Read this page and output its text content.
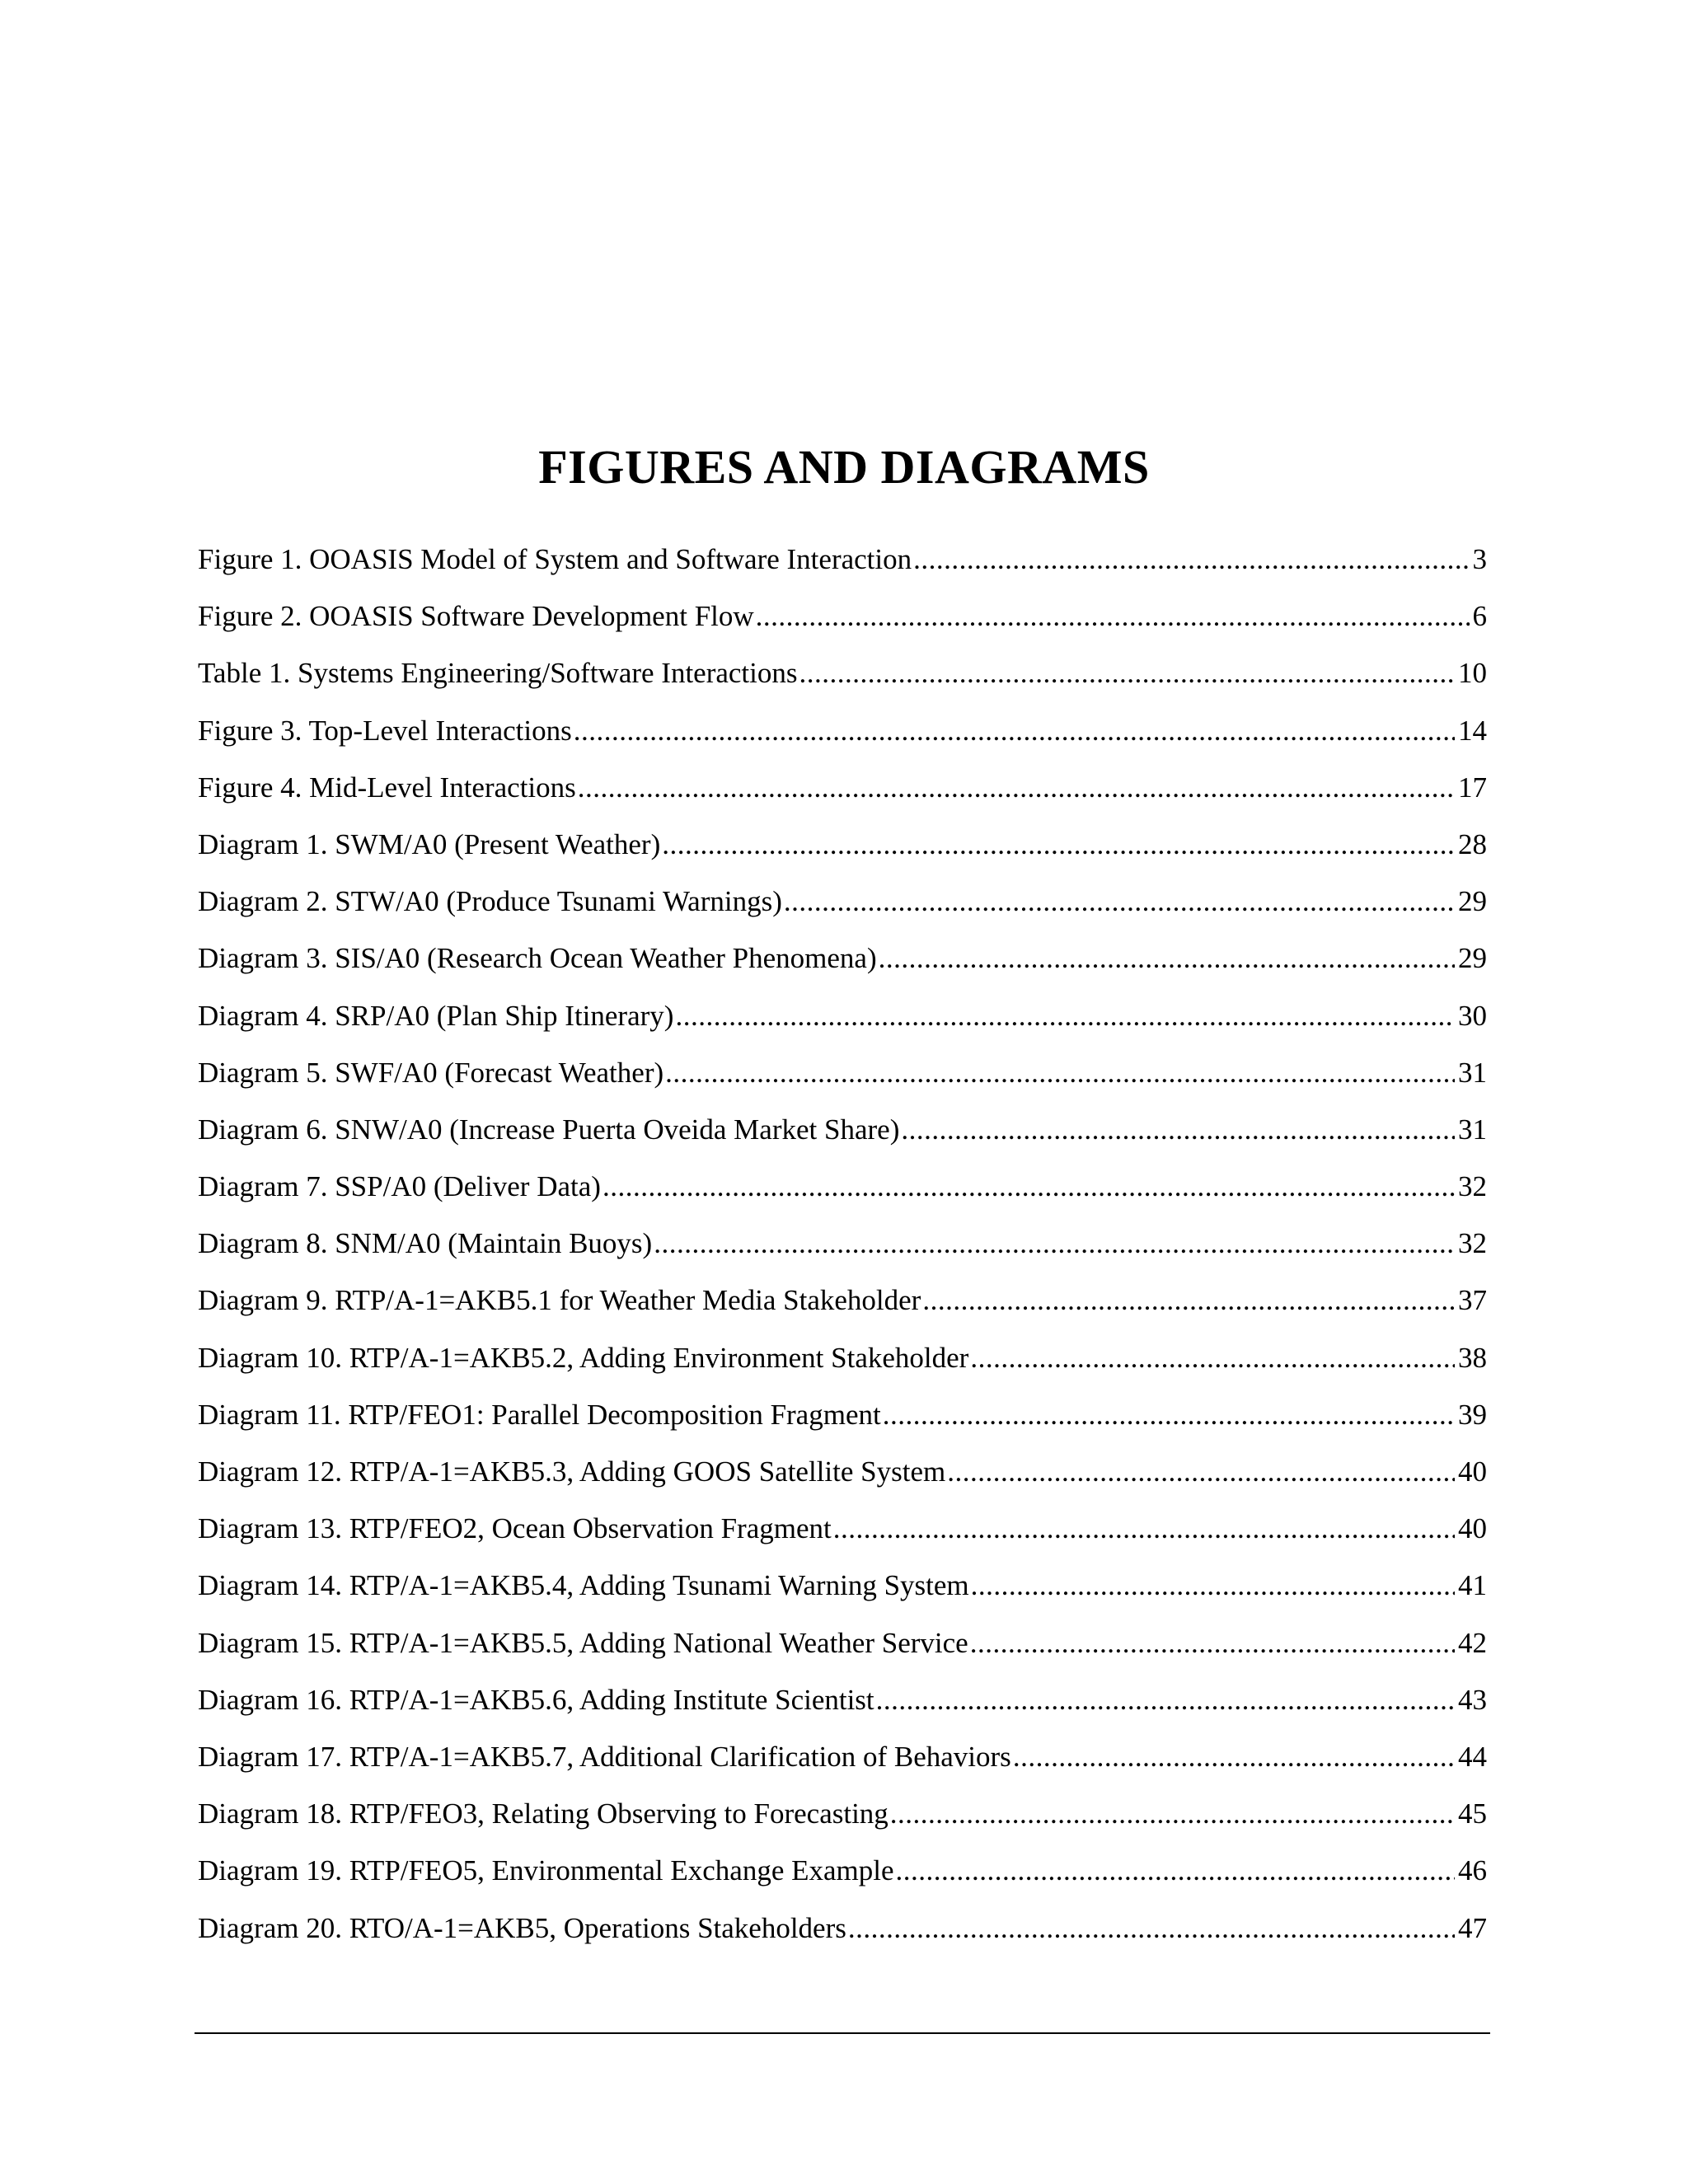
FIGURES AND DIAGRAMS
Figure 1. OOASIS Model of System and Software Interaction .....	3
Figure 2. OOASIS Software Development Flow .....	6
Table 1. Systems Engineering/Software Interactions .....	10
Figure 3. Top-Level Interactions .....	14
Figure 4. Mid-Level Interactions .....	17
Diagram 1. SWM/A0 (Present Weather) .....	28
Diagram 2. STW/A0 (Produce Tsunami Warnings) .....	29
Diagram 3. SIS/A0 (Research Ocean Weather Phenomena) .....	29
Diagram 4. SRP/A0 (Plan Ship Itinerary) .....	30
Diagram 5. SWF/A0 (Forecast Weather) .....	31
Diagram 6. SNW/A0 (Increase Puerta Oveida Market Share) .....	31
Diagram 7. SSP/A0 (Deliver Data) .....	32
Diagram 8. SNM/A0 (Maintain Buoys) .....	32
Diagram 9. RTP/A-1=AKB5.1 for Weather Media Stakeholder .....	37
Diagram 10. RTP/A-1=AKB5.2, Adding Environment Stakeholder .....	38
Diagram 11. RTP/FEO1: Parallel Decomposition Fragment .....	39
Diagram 12. RTP/A-1=AKB5.3, Adding GOOS Satellite System .....	40
Diagram 13. RTP/FEO2, Ocean Observation Fragment .....	40
Diagram 14. RTP/A-1=AKB5.4, Adding Tsunami Warning System .....	41
Diagram 15. RTP/A-1=AKB5.5, Adding National Weather Service .....	42
Diagram 16. RTP/A-1=AKB5.6, Adding Institute Scientist .....	43
Diagram 17. RTP/A-1=AKB5.7, Additional Clarification of Behaviors .....	44
Diagram 18. RTP/FEO3, Relating Observing to Forecasting .....	45
Diagram 19. RTP/FEO5, Environmental Exchange Example .....	46
Diagram 20. RTO/A-1=AKB5, Operations Stakeholders .....	47
